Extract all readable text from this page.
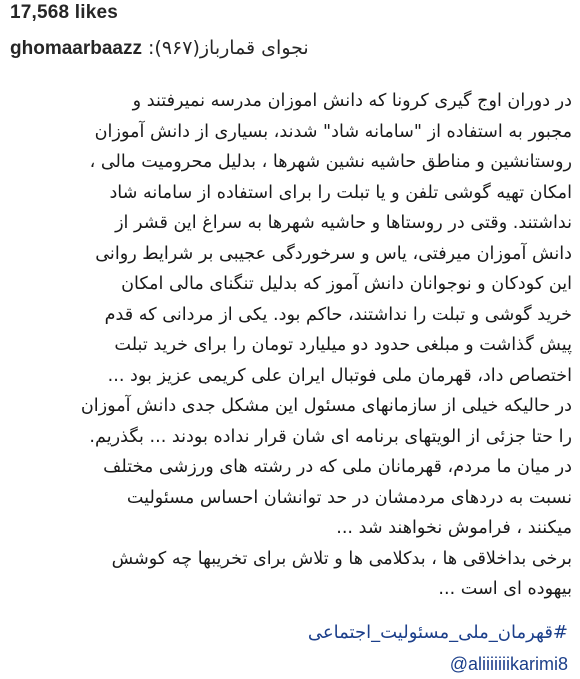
17,568 likes
ghomaarbaazz نجوای قمارباز(۹۶۷):

در دوران اوج گیری کرونا که دانش اموزان مدرسه نمیرفتند و

مجبور به استفاده از "سامانه شاد" شدند، بسیاری از دانش آموزان

روستانشین و مناطق حاشیه نشین شهرها ، بدلیل محرومیت مالی ،

امکان تهیه گوشی تلفن و یا تبلت را برای استفاده از سامانه شاد

نداشتند. وقتی در روستاها و حاشیه شهرها به سراغ این قشر از

دانش آموزان میرفتی، یاس و سرخوردگی عجیبی بر شرایط روانی

این کودکان و نوجوانان دانش آموز که بدلیل تنگنای مالی امکان

خرید گوشی و تبلت را نداشتند، حاکم بود. یکی از مردانی که قدم

پیش گذاشت و مبلغی حدود دو میلیارد تومان را برای خرید تبلت

اختصاص داد، قهرمان ملی فوتبال ایران علی کریمی عزیز بود ...

در حالیکه خیلی از سازمانهای مسئول این مشکل جدی دانش آموزان

را حتا جزئی از الویتهای برنامه ای شان قرار نداده بودند ... بگذریم.

در میان ما مردم، قهرمانان ملی که در رشته های ورزشی مختلف

نسبت به دردهای مردمشان در حد توانشان احساس مسئولیت

میکنند ، فراموش نخواهند شد ...

برخی بداخلاقی ها ، بدکلامی ها و تلاش برای تخریبها چه کوشش

بیهوده ای است ...

#قهرمان_ملی_مسئولیت_اجتماعی
@aliiiiiiikarimi8
